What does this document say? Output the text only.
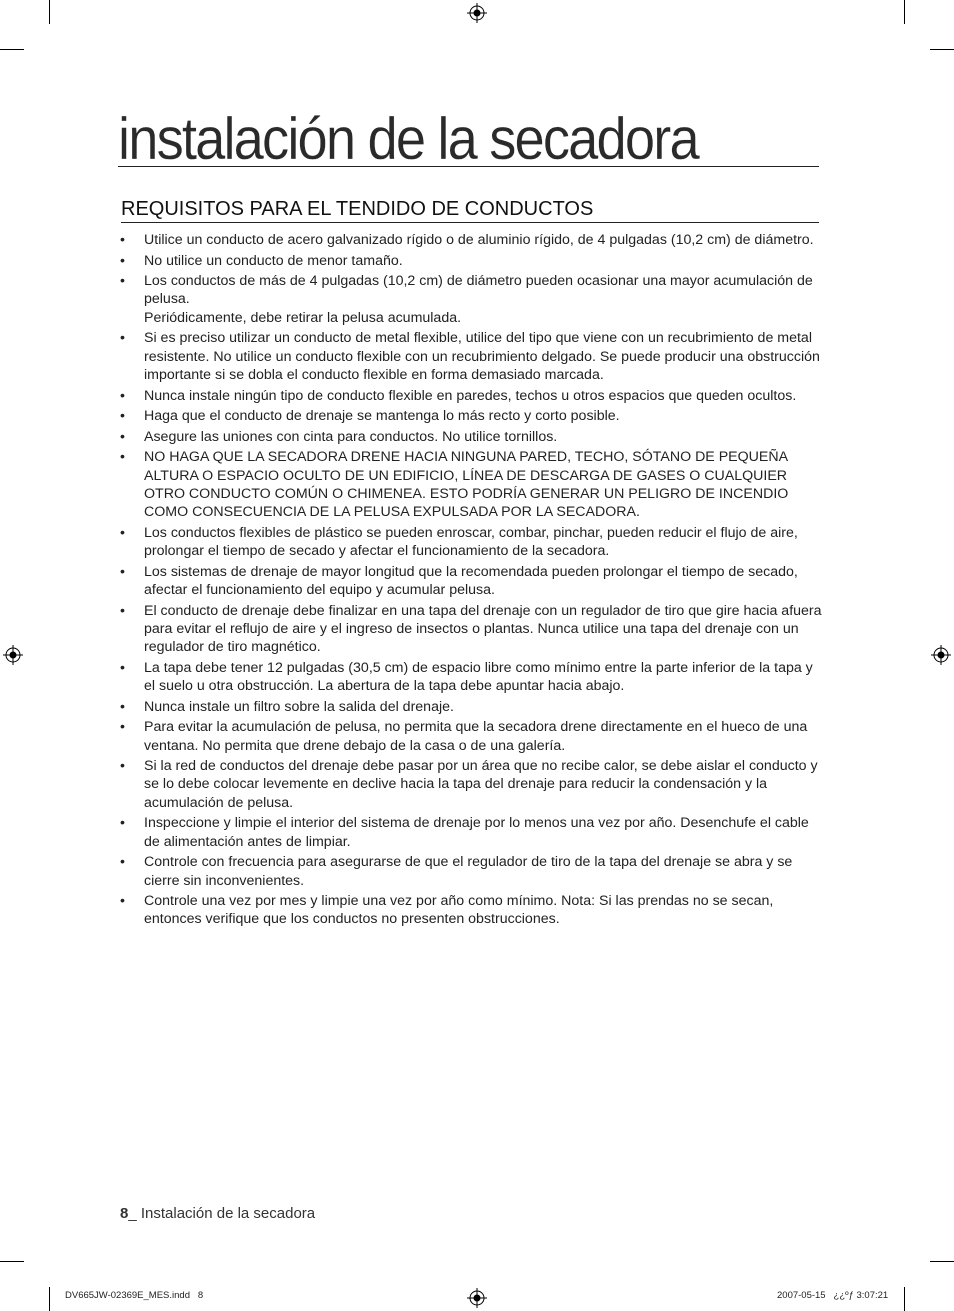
instalación de la secadora
REQUISITOS PARA EL TENDIDO DE CONDUCTOS
• Utilice un conducto de acero galvanizado rígido o de aluminio rígido, de 4 pulgadas (10,2 cm) de diámetro.
• No utilice un conducto de menor tamaño.
• Los conductos de más de 4 pulgadas (10,2 cm) de diámetro pueden ocasionar una mayor acumulación de pelusa.
Periódicamente, debe retirar la pelusa acumulada.
• Si es preciso utilizar un conducto de metal flexible, utilice del tipo que viene con un recubrimiento de metal resistente. No utilice un conducto flexible con un recubrimiento delgado. Se puede producir una obstrucción importante si se dobla el conducto flexible en forma demasiado marcada.
• Nunca instale ningún tipo de conducto flexible en paredes, techos u otros espacios que queden ocultos.
• Haga que el conducto de drenaje se mantenga lo más recto y corto posible.
• Asegure las uniones con cinta para conductos. No utilice tornillos.
• NO HAGA QUE LA SECADORA DRENE HACIA NINGUNA PARED, TECHO, SÓTANO DE PEQUEÑA ALTURA O ESPACIO OCULTO DE UN EDIFICIO, LÍNEA DE DESCARGA DE GASES O CUALQUIER OTRO CONDUCTO COMÚN O CHIMENEA. ESTO PODRÍA GENERAR UN PELIGRO DE INCENDIO COMO CONSECUENCIA DE LA PELUSA EXPULSADA POR LA SECADORA.
• Los conductos flexibles de plástico se pueden enroscar, combar, pinchar, pueden reducir el flujo de aire, prolongar el tiempo de secado y afectar el funcionamiento de la secadora.
• Los sistemas de drenaje de mayor longitud que la recomendada pueden prolongar el tiempo de secado, afectar el funcionamiento del equipo y acumular pelusa.
• El conducto de drenaje debe finalizar en una tapa del drenaje con un regulador de tiro que gire hacia afuera para evitar el reflujo de aire y el ingreso de insectos o plantas. Nunca utilice una tapa del drenaje con un regulador de tiro magnético.
• La tapa debe tener 12 pulgadas (30,5 cm) de espacio libre como mínimo entre la parte inferior de la tapa y el suelo u otra obstrucción. La abertura de la tapa debe apuntar hacia abajo.
• Nunca instale un filtro sobre la salida del drenaje.
• Para evitar la acumulación de pelusa, no permita que la secadora drene directamente en el hueco de una ventana. No permita que drene debajo de la casa o de una galería.
• Si la red de conductos del drenaje debe pasar por un área que no recibe calor, se debe aislar el conducto y se lo debe colocar levemente en declive hacia la tapa del drenaje para reducir la condensación y la acumulación de pelusa.
• Inspeccione y limpie el interior del sistema de drenaje por lo menos una vez por año. Desenchufe el cable de alimentación antes de limpiar.
• Controle con frecuencia para asegurarse de que el regulador de tiro de la tapa del drenaje se abra y se cierre sin inconvenientes.
• Controle una vez por mes y limpie una vez por año como mínimo. Nota: Si las prendas no se secan, entonces verifique que los conductos no presenten obstrucciones.
8_ Instalación de la secadora
DV665JW-02369E_MES.indd   8	2007-05-15   ¿¿ºƒ 3:07:21
